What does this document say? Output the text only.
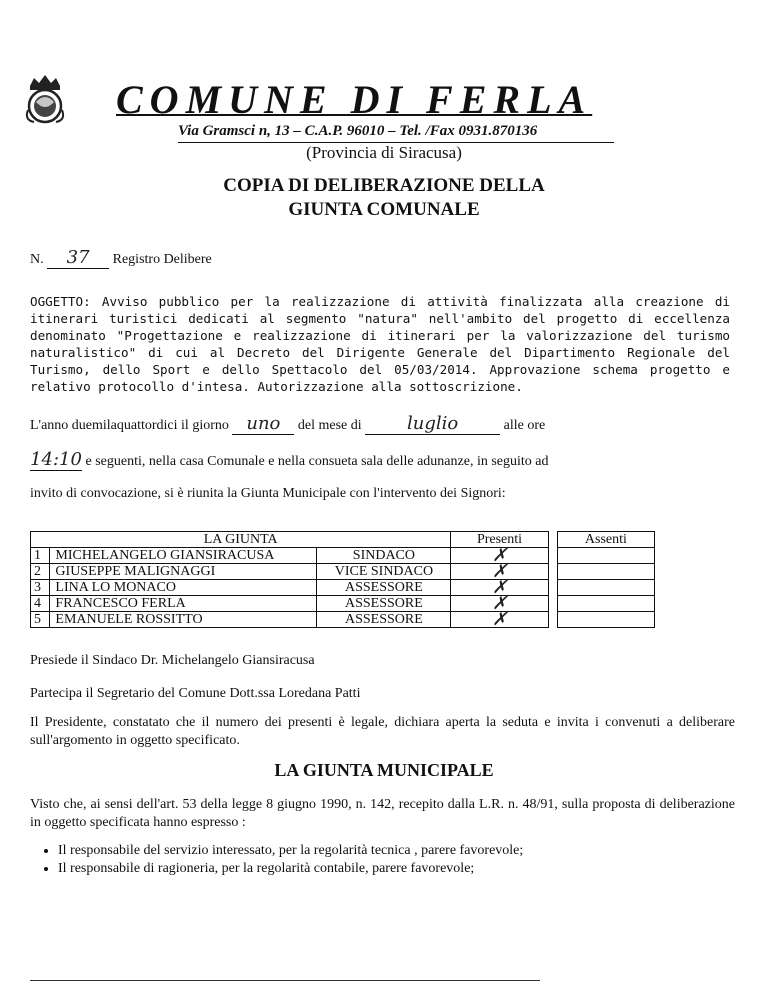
COMUNE DI FERLA
Via Gramsci n, 13 – C.A.P. 96010 – Tel. /Fax 0931.870136
(Provincia di Siracusa)
COPIA DI DELIBERAZIONE DELLA
GIUNTA COMUNALE
N. 37 Registro Delibere
OGGETTO: Avviso pubblico per la realizzazione di attività finalizzata alla creazione di itinerari turistici dedicati al segmento "natura" nell'ambito del progetto di eccellenza denominato "Progettazione e realizzazione di itinerari per la valorizzazione del turismo naturalistico" di cui al Decreto del Dirigente Generale del Dipartimento Regionale del Turismo, dello Sport e dello Spettacolo del 05/03/2014. Approvazione schema progetto e relativo protocollo d'intesa. Autorizzazione alla sottoscrizione.
L'anno duemilaquattordici il giorno uno del mese di	luglio	alle ore
14:10 e seguenti, nella casa Comunale e nella consueta sala delle adunanze, in seguito ad
invito di convocazione, si è riunita la Giunta Municipale con l'intervento dei Signori:
LA GIUNTA			Presenti		Assenti
1	MICHELANGELO GIANSIRACUSA	SINDACO	✗		
2	GIUSEPPE MALIGNAGGI	VICE SINDACO	✗		
3	LINA LO MONACO	ASSESSORE	✗		
4	FRANCESCO FERLA	ASSESSORE	✗		
5	EMANUELE ROSSITTO	ASSESSORE	✗		
Presiede il Sindaco Dr. Michelangelo Giansiracusa
Partecipa il Segretario del Comune Dott.ssa Loredana Patti
Il Presidente, constatato che il numero dei presenti è legale, dichiara aperta la seduta e invita i convenuti a deliberare sull'argomento in oggetto specificato.
LA GIUNTA MUNICIPALE
Visto che, ai sensi dell'art. 53 della legge 8 giugno 1990, n. 142, recepito dalla L.R. n. 48/91, sulla proposta di deliberazione in oggetto specificata hanno espresso :
• Il responsabile del servizio interessato, per la regolarità tecnica , parere favorevole;
• Il responsabile di ragioneria, per la regolarità contabile, parere favorevole;
